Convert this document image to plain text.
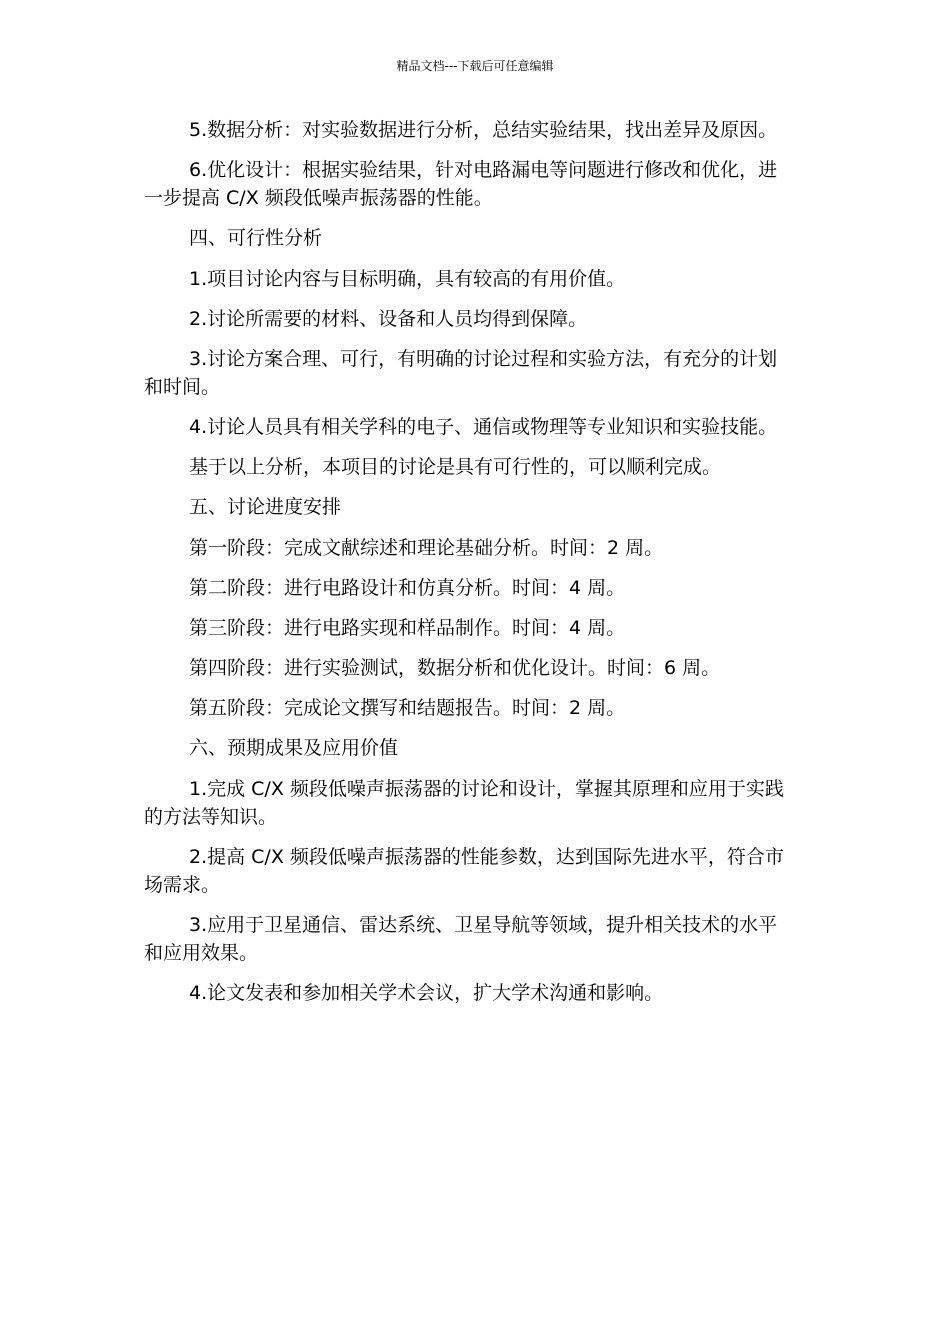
精品文档---下载后可任意编辑

5.数据分析：对实验数据进行分析，总结实验结果，找出差异及原因。

6.优化设计：根据实验结果，针对电路漏电等问题进行修改和优化，进一步提高 C/X 频段低噪声振荡器的性能。

四、可行性分析

1.项目讨论内容与目标明确，具有较高的有用价值。

2.讨论所需要的材料、设备和人员均得到保障。

3.讨论方案合理、可行，有明确的讨论过程和实验方法，有充分的计划和时间。

4.讨论人员具有相关学科的电子、通信或物理等专业知识和实验技能。

基于以上分析，本项目的讨论是具有可行性的，可以顺利完成。

五、讨论进度安排

第一阶段：完成文献综述和理论基础分析。时间：2 周。

第二阶段：进行电路设计和仿真分析。时间：4 周。

第三阶段：进行电路实现和样品制作。时间：4 周。

第四阶段：进行实验测试，数据分析和优化设计。时间：6 周。

第五阶段：完成论文撰写和结题报告。时间：2 周。

六、预期成果及应用价值

1.完成 C/X 频段低噪声振荡器的讨论和设计，掌握其原理和应用于实践的方法等知识。

2.提高 C/X 频段低噪声振荡器的性能参数，达到国际先进水平，符合市场需求。

3.应用于卫星通信、雷达系统、卫星导航等领域，提升相关技术的水平和应用效果。

4.论文发表和参加相关学术会议，扩大学术沟通和影响。
